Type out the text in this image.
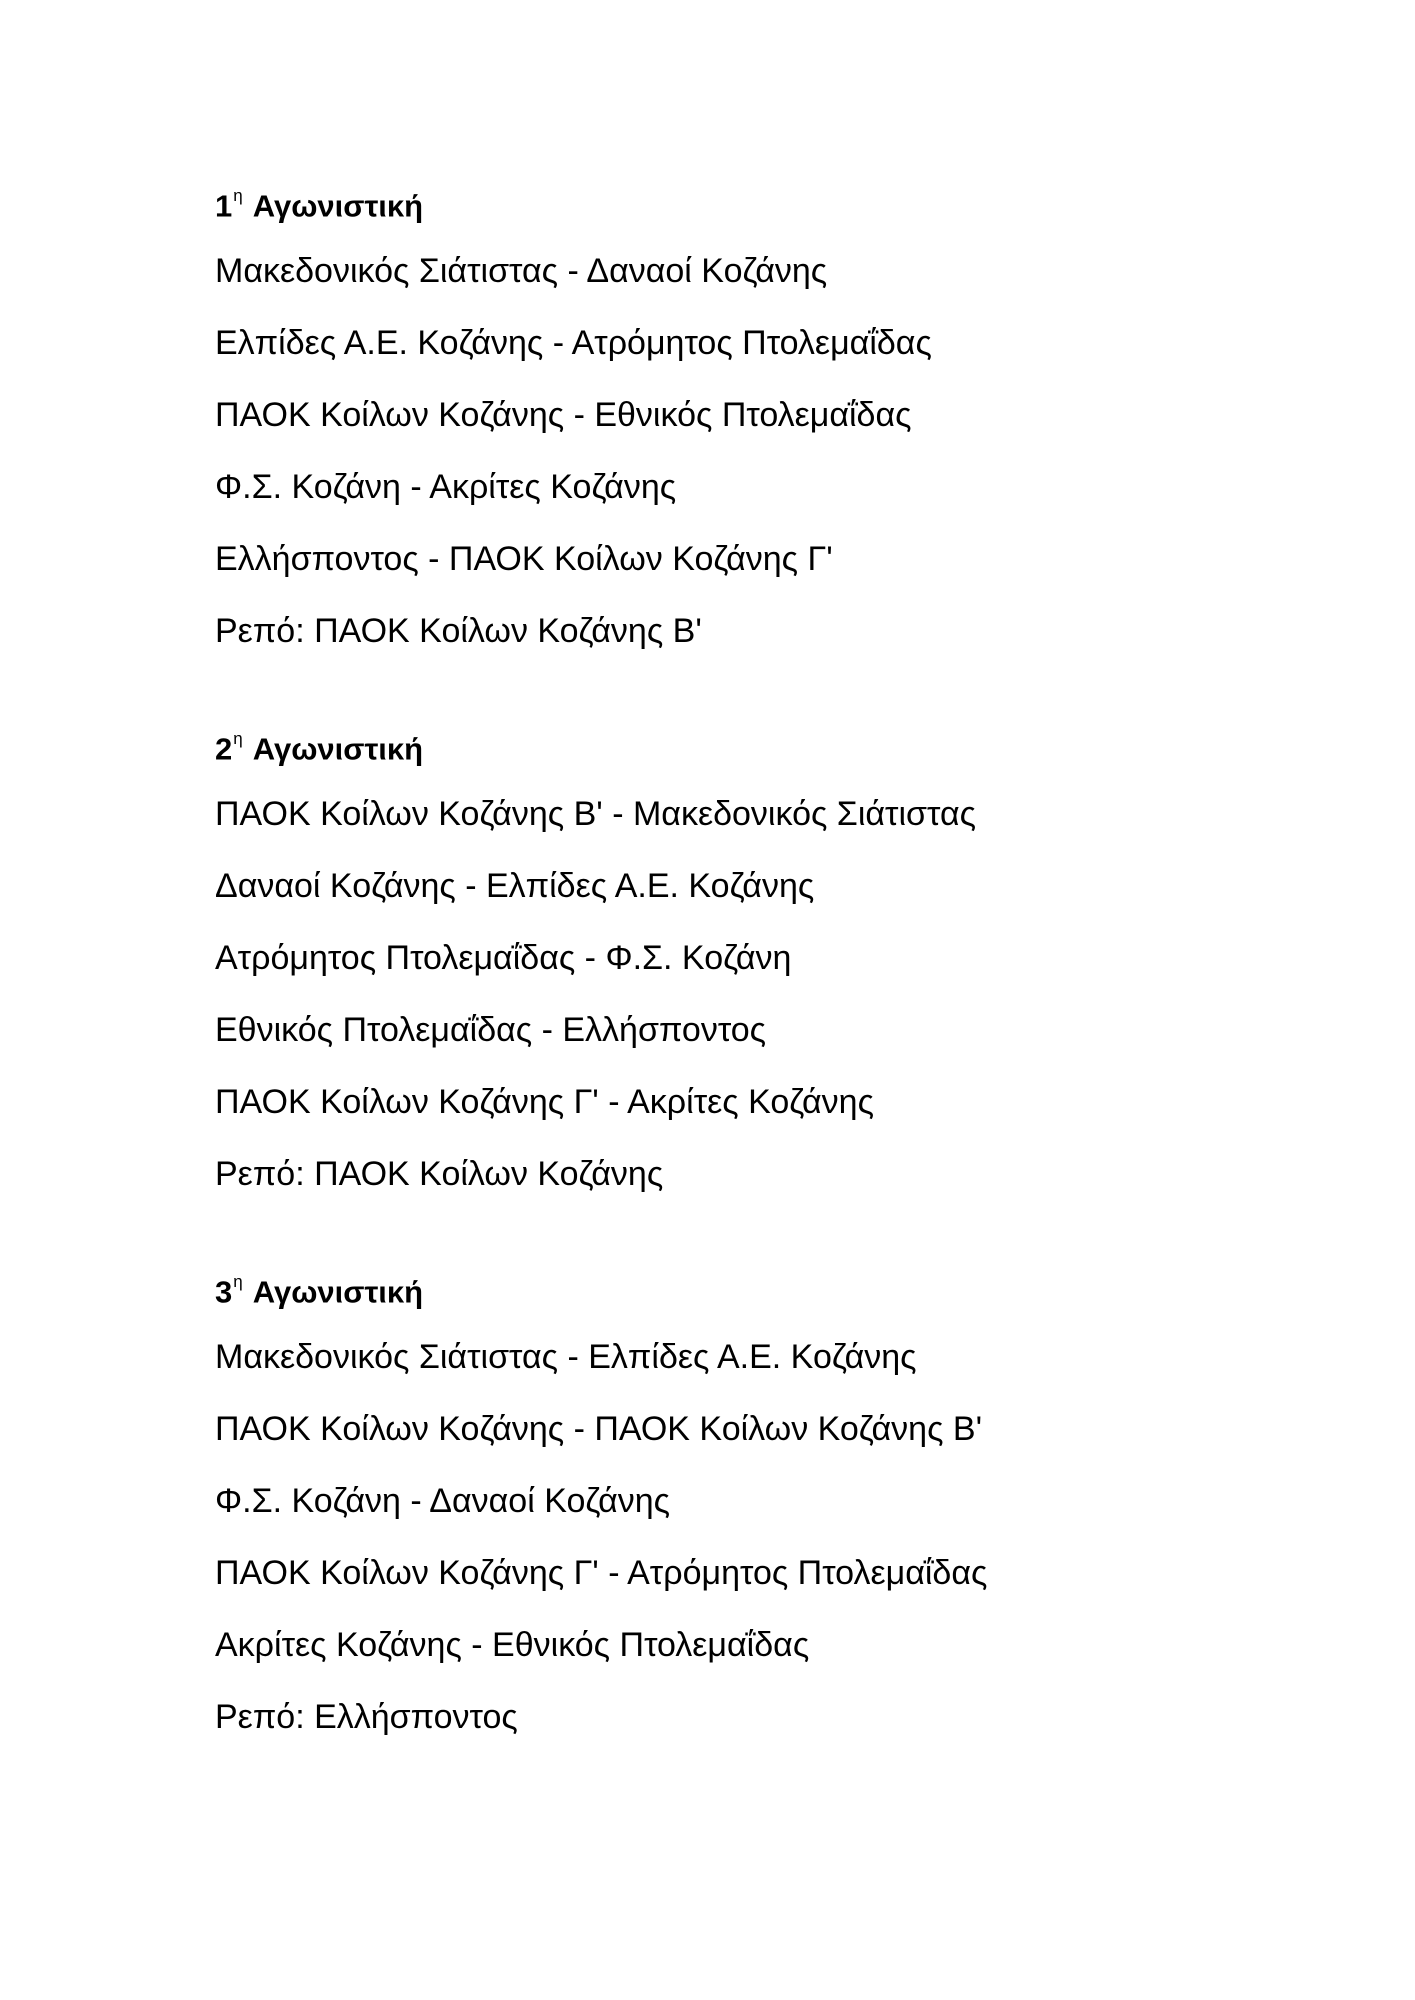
$1^\eta$ Αγωνιστική
Μακεδονικός Σιάτιστας - Δαναοί Κοζάνης
Ελπίδες Α.Ε. Κοζάνης - Ατρόμητος Πτολεμαΐδας
ΠΑΟΚ Κοίλων Κοζάνης - Εθνικός Πτολεμαΐδας
Φ.Σ. Κοζάνη - Ακρίτες Κοζάνης
Ελλήσποντος - ΠΑΟΚ Κοίλων Κοζάνης Γ'
Ρεπό: ΠΑΟΚ Κοίλων Κοζάνης Β'
$2^\eta$ Αγωνιστική
ΠΑΟΚ Κοίλων Κοζάνης Β' - Μακεδονικός Σιάτιστας
Δαναοί Κοζάνης - Ελπίδες Α.Ε. Κοζάνης
Ατρόμητος Πτολεμαΐδας - Φ.Σ. Κοζάνη
Εθνικός Πτολεμαΐδας - Ελλήσποντος
ΠΑΟΚ Κοίλων Κοζάνης Γ' - Ακρίτες Κοζάνης
Ρεπό: ΠΑΟΚ Κοίλων Κοζάνης
$3^\eta$ Αγωνιστική
Μακεδονικός Σιάτιστας - Ελπίδες Α.Ε. Κοζάνης
ΠΑΟΚ Κοίλων Κοζάνης - ΠΑΟΚ Κοίλων Κοζάνης Β'
Φ.Σ. Κοζάνη - Δαναοί Κοζάνης
ΠΑΟΚ Κοίλων Κοζάνης Γ' - Ατρόμητος Πτολεμαΐδας
Ακρίτες Κοζάνης - Εθνικός Πτολεμαΐδας
Ρεπό: Ελλήσποντος
